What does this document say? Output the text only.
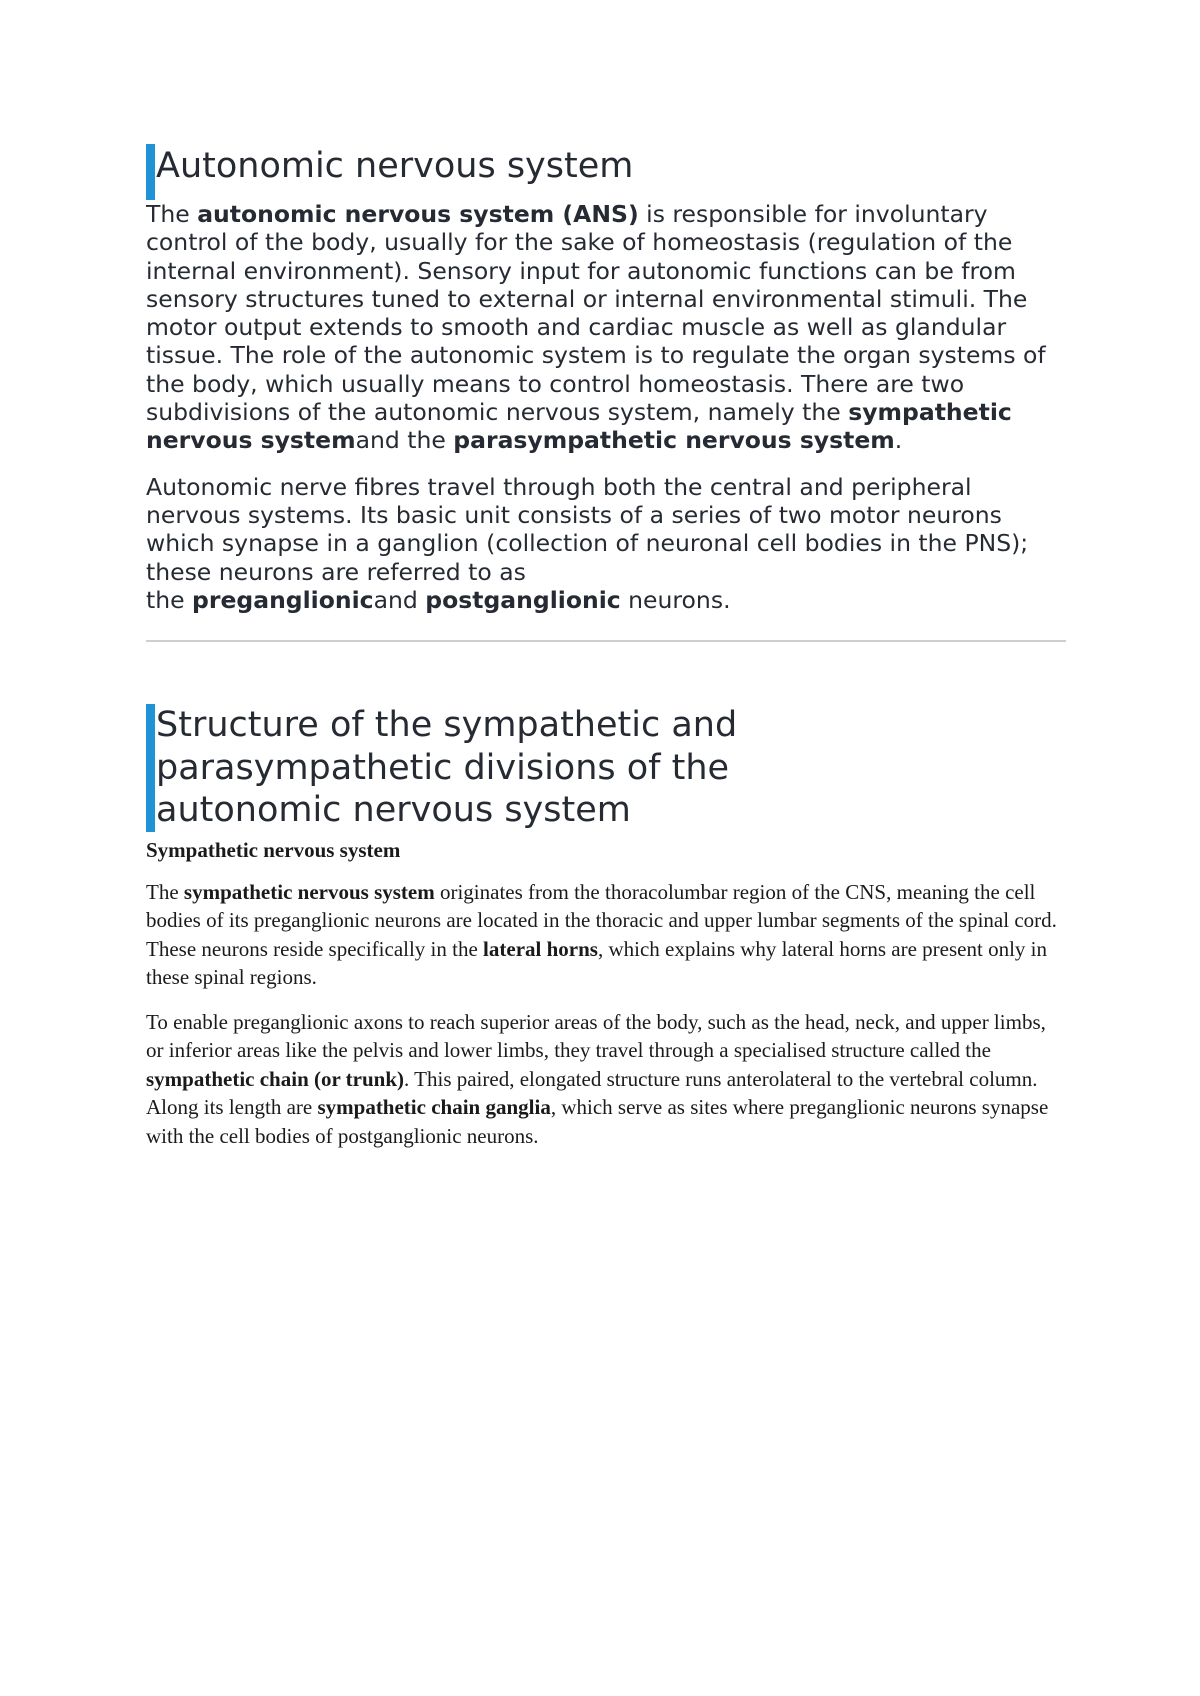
Autonomic nervous system

The autonomic nervous system (ANS) is responsible for involuntary control of the body, usually for the sake of homeostasis (regulation of the internal environment). Sensory input for autonomic functions can be from sensory structures tuned to external or internal environmental stimuli. The motor output extends to smooth and cardiac muscle as well as glandular tissue. The role of the autonomic system is to regulate the organ systems of the body, which usually means to control homeostasis. There are two subdivisions of the autonomic nervous system, namely the sympathetic nervous systemand the parasympathetic nervous system.

Autonomic nerve fibres travel through both the central and peripheral nervous systems. Its basic unit consists of a series of two motor neurons which synapse in a ganglion (collection of neuronal cell bodies in the PNS); these neurons are referred to as
the preganglionicand postganglionic neurons.

Structure of the sympathetic and parasympathetic divisions of the autonomic nervous system
Sympathetic nervous system

The sympathetic nervous system originates from the thoracolumbar region of the CNS, meaning the cell bodies of its preganglionic neurons are located in the thoracic and upper lumbar segments of the spinal cord. These neurons reside specifically in the lateral horns, which explains why lateral horns are present only in these spinal regions.

To enable preganglionic axons to reach superior areas of the body, such as the head, neck, and upper limbs, or inferior areas like the pelvis and lower limbs, they travel through a specialised structure called the sympathetic chain (or trunk). This paired, elongated structure runs anterolateral to the vertebral column. Along its length are sympathetic chain ganglia, which serve as sites where preganglionic neurons synapse with the cell bodies of postganglionic neurons.
